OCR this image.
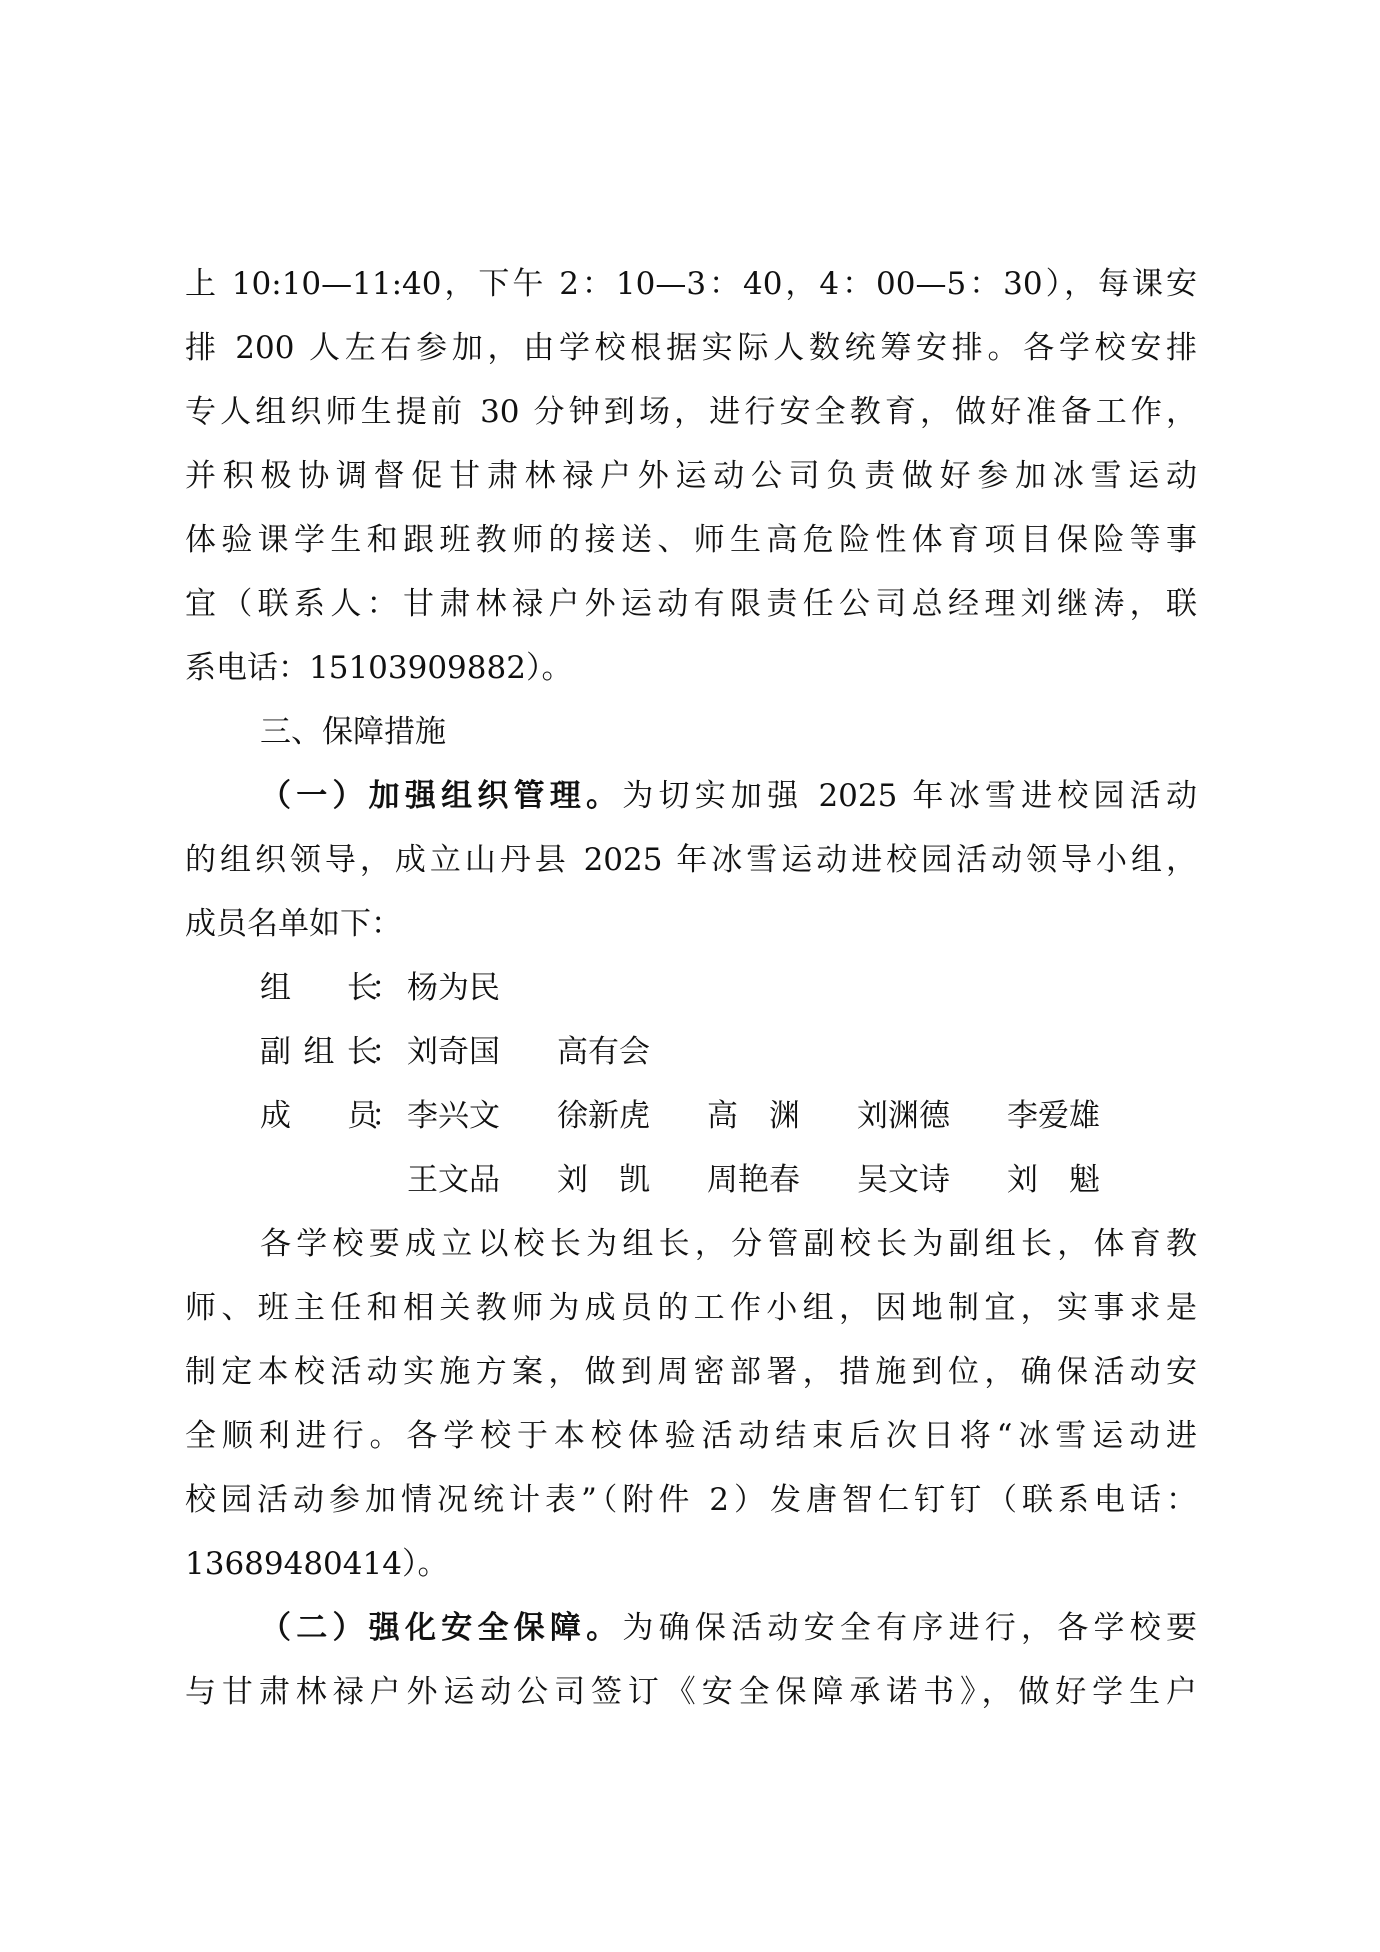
上 10:10—11:40，下午 2：10—3：40，4：00—5：30），每课安
排 200 人左右参加，由学校根据实际人数统筹安排。各学校安排
专人组织师生提前 30 分钟到场，进行安全教育，做好准备工作，
并积极协调督促甘肃林禄户外运动公司负责做好参加冰雪运动
体验课学生和跟班教师的接送、师生高危险性体育项目保险等事
宜（联系人：甘肃林禄户外运动有限责任公司总经理刘继涛，联
系电话：15103909882）。
三、保障措施
（一）加强组织管理。为切实加强 2025 年冰雪进校园活动
的组织领导，成立山丹县 2025 年冰雪运动进校园活动领导小组，
成员名单如下：
组　长
： 杨为民
副组长
： 刘奇国 高有会
成　员
： 李兴文 徐新虎 高　渊 刘渊德 李爱雄
王文品 刘　凯 周艳春 吴文诗 刘　魁
各学校要成立以校长为组长，分管副校长为副组长，体育教
师、班主任和相关教师为成员的工作小组，因地制宜，实事求是
制定本校活动实施方案，做到周密部署，措施到位，确保活动安
全顺利进行。各学校于本校体验活动结束后次日将“冰雪运动进
校园活动参加情况统计表”（附件 2）发唐智仁钉钉（联系电话：
13689480414）。
（二）强化安全保障。为确保活动安全有序进行，各学校要
与甘肃林禄户外运动公司签订《安全保障承诺书》，做好学生户
